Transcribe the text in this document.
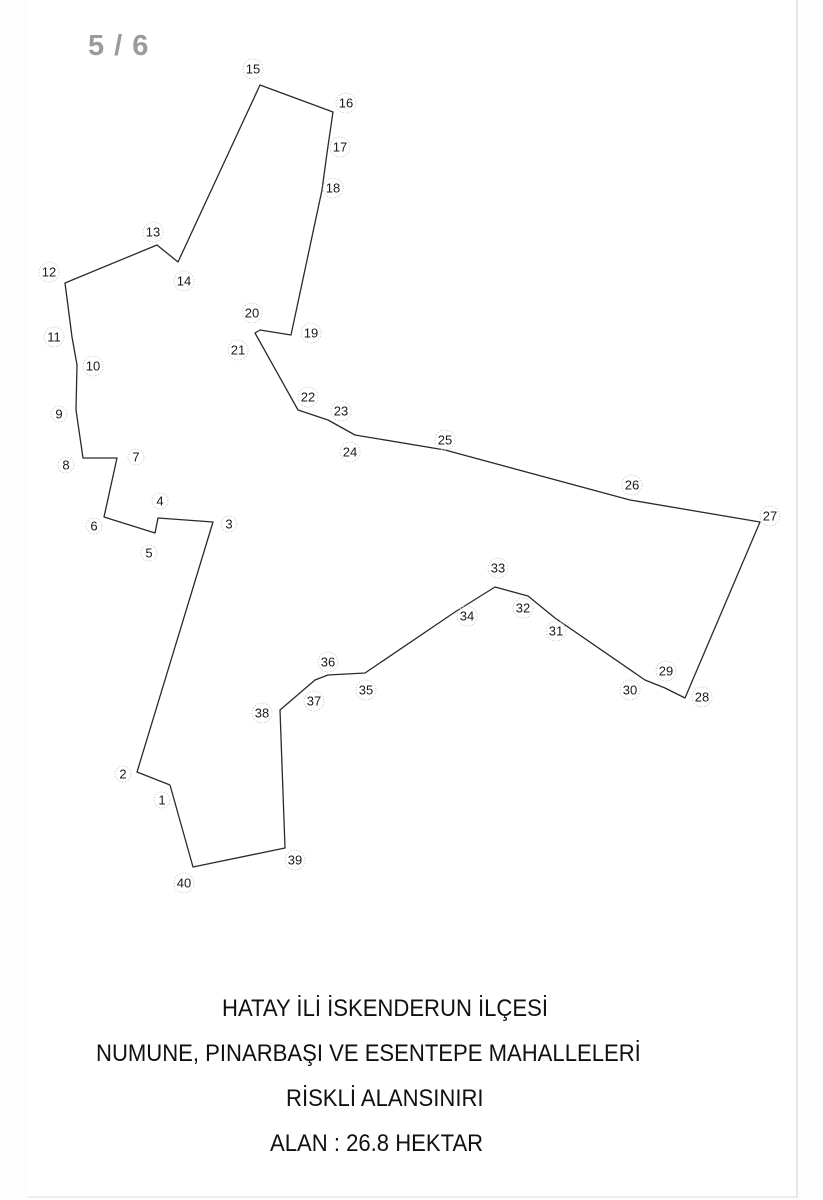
5 / 6
1
2
3
4
5
6
7
8
9
10
11
12
13
14
15
16
17
18
19
20
21
22
23
24
25
26
27
28
29
30
31
32
33
34
35
36
37
38
39
40
HATAY İLİ İSKENDERUN İLÇESİ
NUMUNE, PINARBAŞI VE ESENTEPE MAHALLELERİ
RİSKLİ ALANSINIRI
ALAN : 26.8 HEKTAR
